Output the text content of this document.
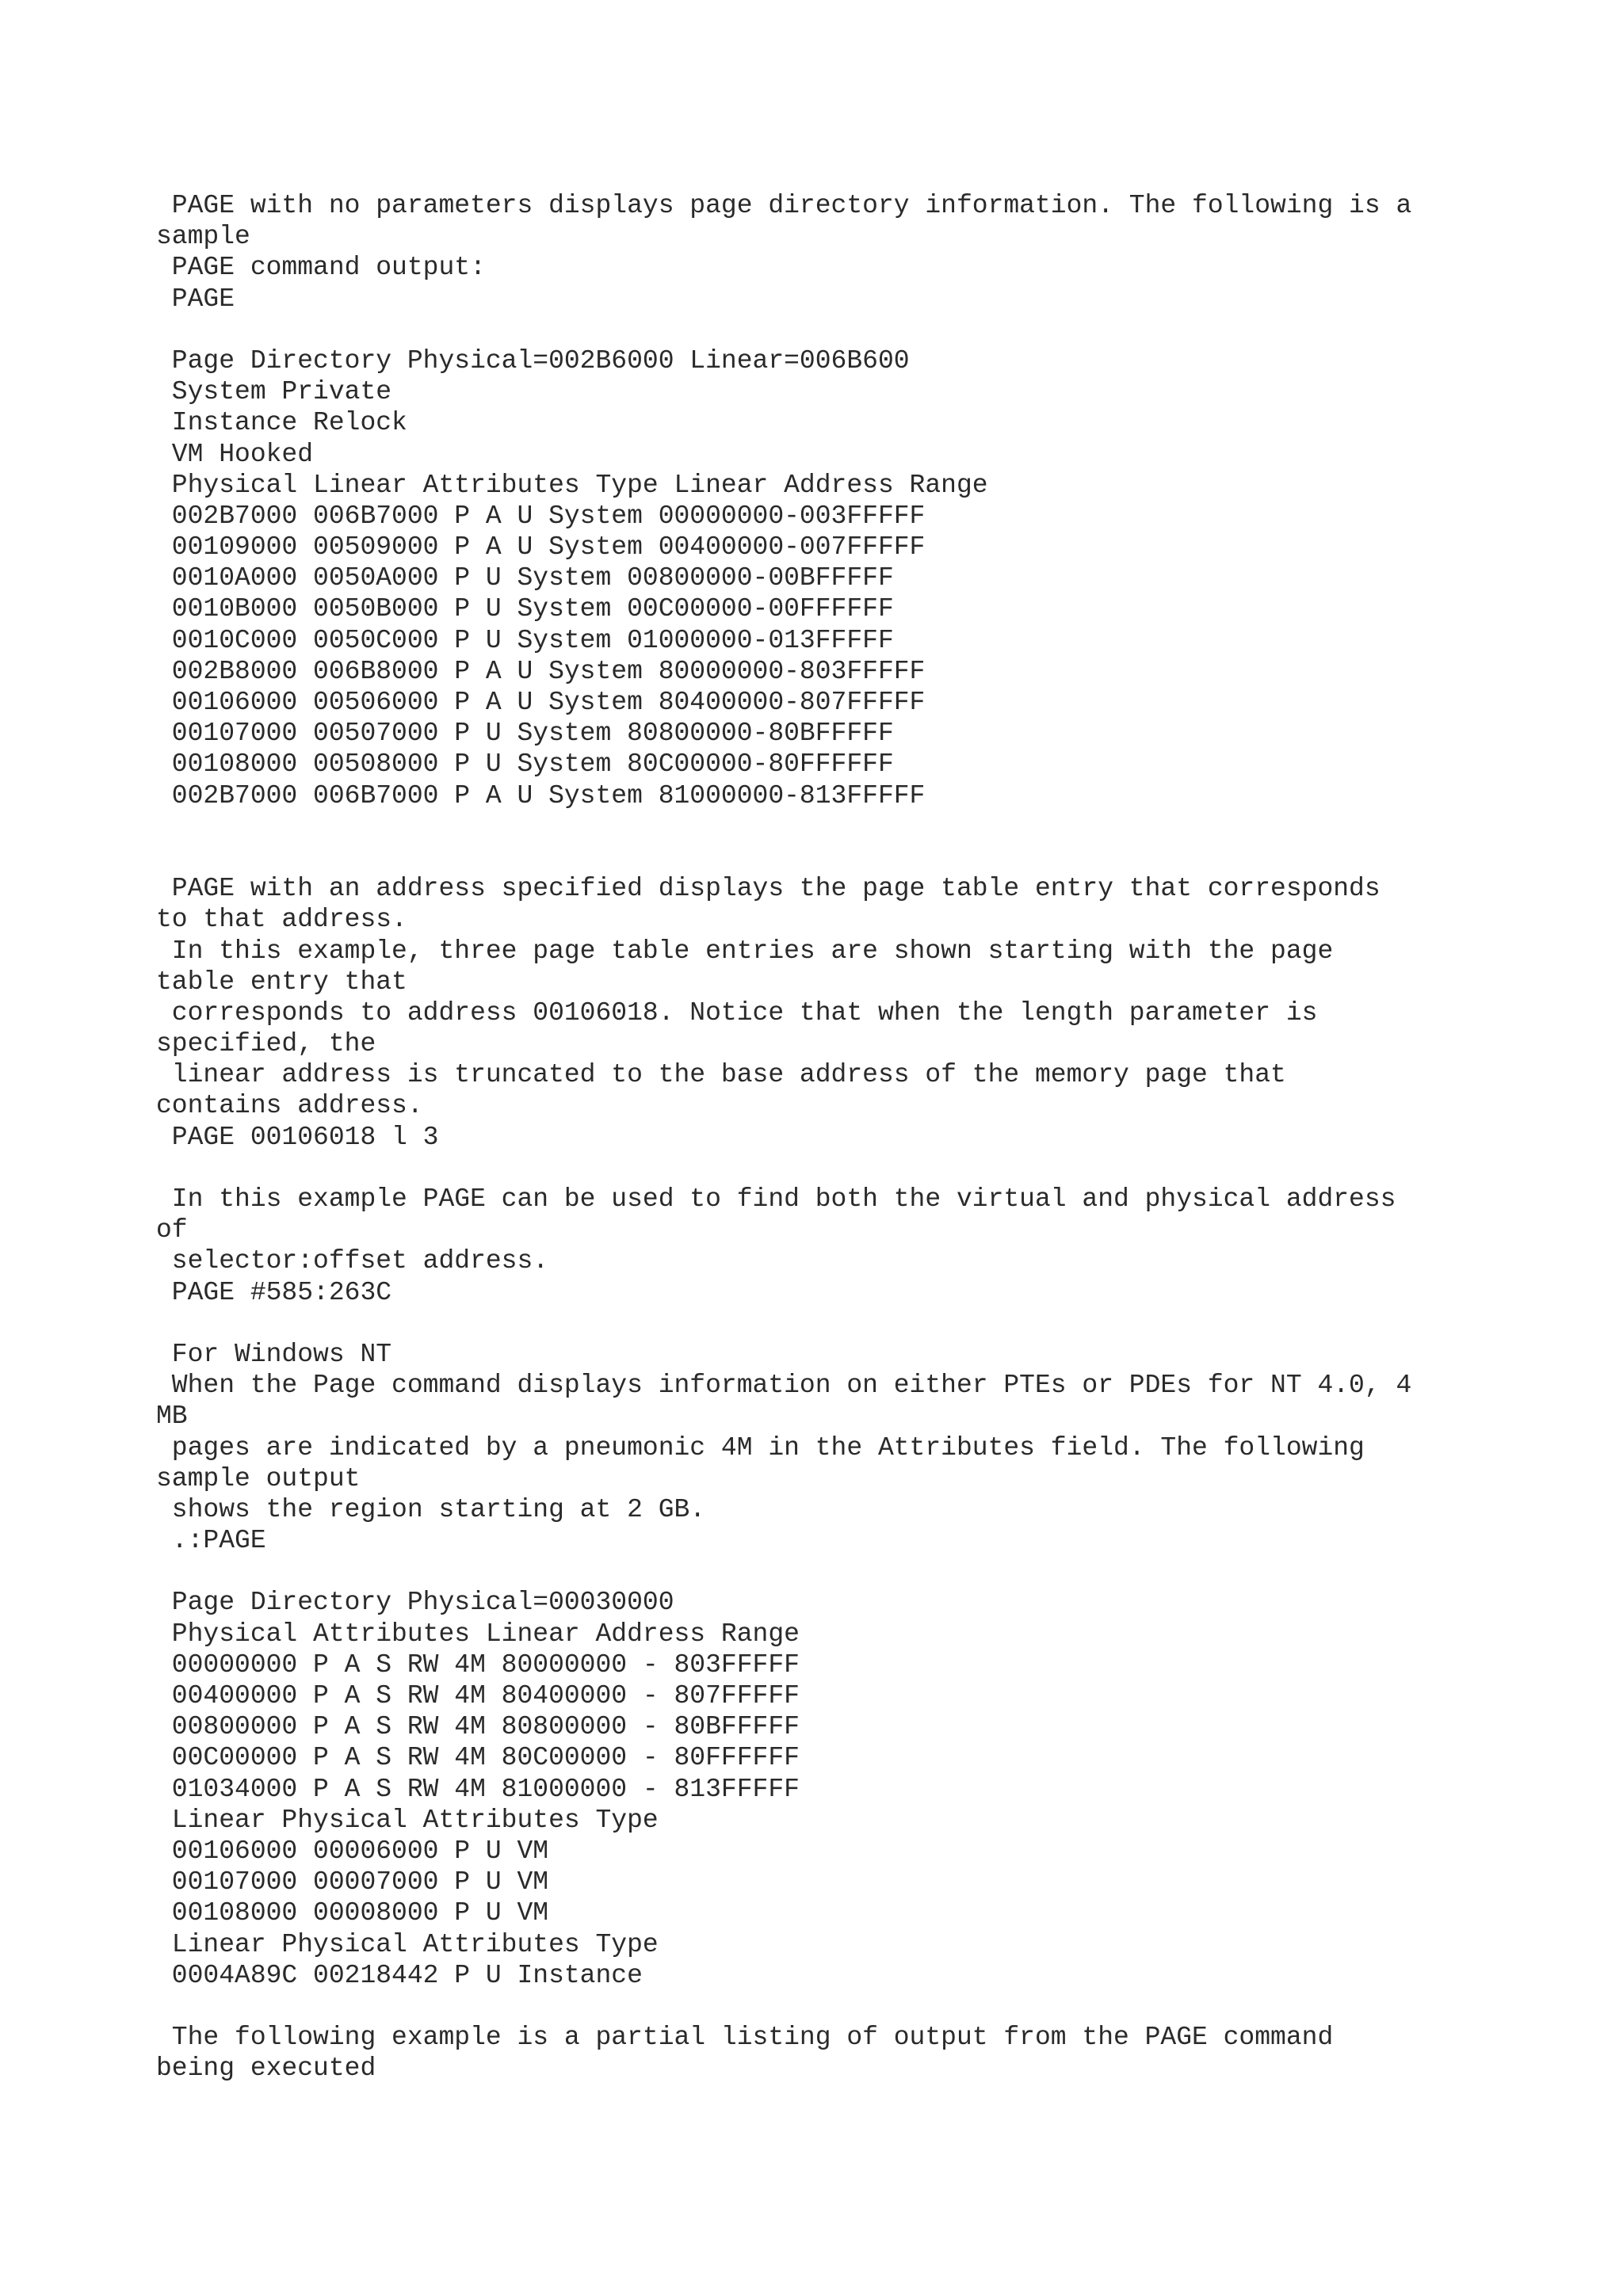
PAGE with no parameters displays page directory information. The following is a
sample
PAGE command output:
PAGE
Page Directory Physical=002B6000 Linear=006B600
System Private
Instance Relock
VM Hooked
Physical Linear Attributes Type Linear Address Range
002B7000 006B7000 P A U System 00000000-003FFFFF
00109000 00509000 P A U System 00400000-007FFFFF
0010A000 0050A000 P U System 00800000-00BFFFFF
0010B000 0050B000 P U System 00C00000-00FFFFFF
0010C000 0050C000 P U System 01000000-013FFFFF
002B8000 006B8000 P A U System 80000000-803FFFFF
00106000 00506000 P A U System 80400000-807FFFFF
00107000 00507000 P U System 80800000-80BFFFFF
00108000 00508000 P U System 80C00000-80FFFFFF
002B7000 006B7000 P A U System 81000000-813FFFFF
PAGE with an address specified displays the page table entry that corresponds
to that address.
In this example, three page table entries are shown starting with the page
table entry that
corresponds to address 00106018. Notice that when the length parameter is
specified, the
linear address is truncated to the base address of the memory page that
contains address.
PAGE 00106018 l 3
In this example PAGE can be used to find both the virtual and physical address
of
selector:offset address.
PAGE #585:263C
For Windows NT
When the Page command displays information on either PTEs or PDEs for NT 4.0, 4
MB
pages are indicated by a pneumonic 4M in the Attributes field. The following
sample output
shows the region starting at 2 GB.
.:PAGE
Page Directory Physical=00030000
Physical Attributes Linear Address Range
00000000 P A S RW 4M 80000000 - 803FFFFF
00400000 P A S RW 4M 80400000 - 807FFFFF
00800000 P A S RW 4M 80800000 - 80BFFFFF
00C00000 P A S RW 4M 80C00000 - 80FFFFFF
01034000 P A S RW 4M 81000000 - 813FFFFF
Linear Physical Attributes Type
00106000 00006000 P U VM
00107000 00007000 P U VM
00108000 00008000 P U VM
Linear Physical Attributes Type
0004A89C 00218442 P U Instance
The following example is a partial listing of output from the PAGE command
being executed
